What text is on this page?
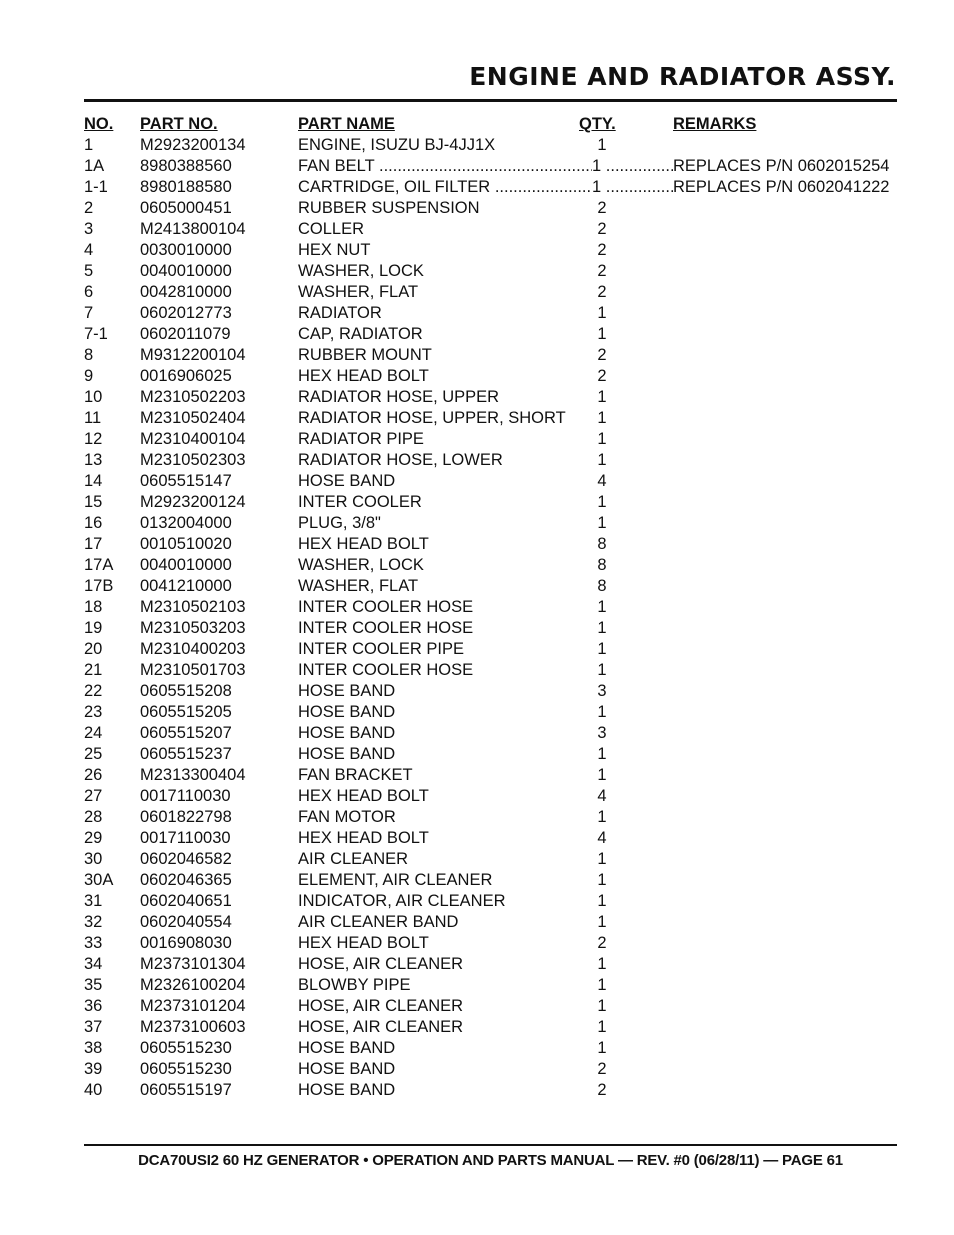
ENGINE AND RADIATOR ASSY.
NO. PART NO.	PART NAME	QTY.	REMARKS
1	M2923200134	ENGINE, ISUZU BJ-4JJ1X	1
1A 8980388560	FAN BELT .....	1 .....	REPLACES P/N 0602015254
1-1 8980188580	CARTRIDGE, OIL FILTER .....	1 .....	REPLACES P/N 0602041222
2	0605000451	RUBBER SUSPENSION	2
3	M2413800104	COLLER	2
4	0030010000	HEX NUT	2
5	0040010000	WASHER, LOCK	2
6	0042810000	WASHER, FLAT	2
7	0602012773	RADIATOR	1
7-1 0602011079	CAP, RADIATOR	1
8	M9312200104	RUBBER MOUNT	2
9	0016906025	HEX HEAD BOLT	2
10 M2310502203	RADIATOR HOSE, UPPER	1
11 M2310502404	RADIATOR HOSE, UPPER, SHORT	1
12 M2310400104	RADIATOR PIPE	1
13 M2310502303	RADIATOR HOSE, LOWER	1
14 0605515147	HOSE BAND	4
15 M2923200124	INTER COOLER	1
16 0132004000	PLUG, 3/8"	1
17 0010510020	HEX HEAD BOLT	8
17A 0040010000	WASHER, LOCK	8
17B 0041210000	WASHER, FLAT	8
18 M2310502103	INTER COOLER HOSE	1
19 M2310503203	INTER COOLER HOSE	1
20 M2310400203	INTER COOLER PIPE	1
21 M2310501703	INTER COOLER HOSE	1
22 0605515208	HOSE BAND	3
23 0605515205	HOSE BAND	1
24 0605515207	HOSE BAND	3
25 0605515237	HOSE BAND	1
26 M2313300404	FAN BRACKET	1
27 0017110030	HEX HEAD BOLT	4
28 0601822798	FAN MOTOR	1
29 0017110030	HEX HEAD BOLT	4
30 0602046582	AIR CLEANER	1
30A 0602046365	ELEMENT, AIR CLEANER	1
31 0602040651	INDICATOR, AIR CLEANER	1
32 0602040554	AIR CLEANER BAND	1
33 0016908030	HEX HEAD BOLT	2
34 M2373101304	HOSE, AIR CLEANER	1
35 M2326100204	BLOWBY PIPE	1
36 M2373101204	HOSE, AIR CLEANER	1
37 M2373100603	HOSE, AIR CLEANER	1
38 0605515230	HOSE BAND	1
39 0605515230	HOSE BAND	2
40 0605515197	HOSE BAND	2
DCA70USI2 60 HZ GENERATOR • OPERATION AND PARTS MANUAL — REV. #0 (06/28/11) — PAGE 61
